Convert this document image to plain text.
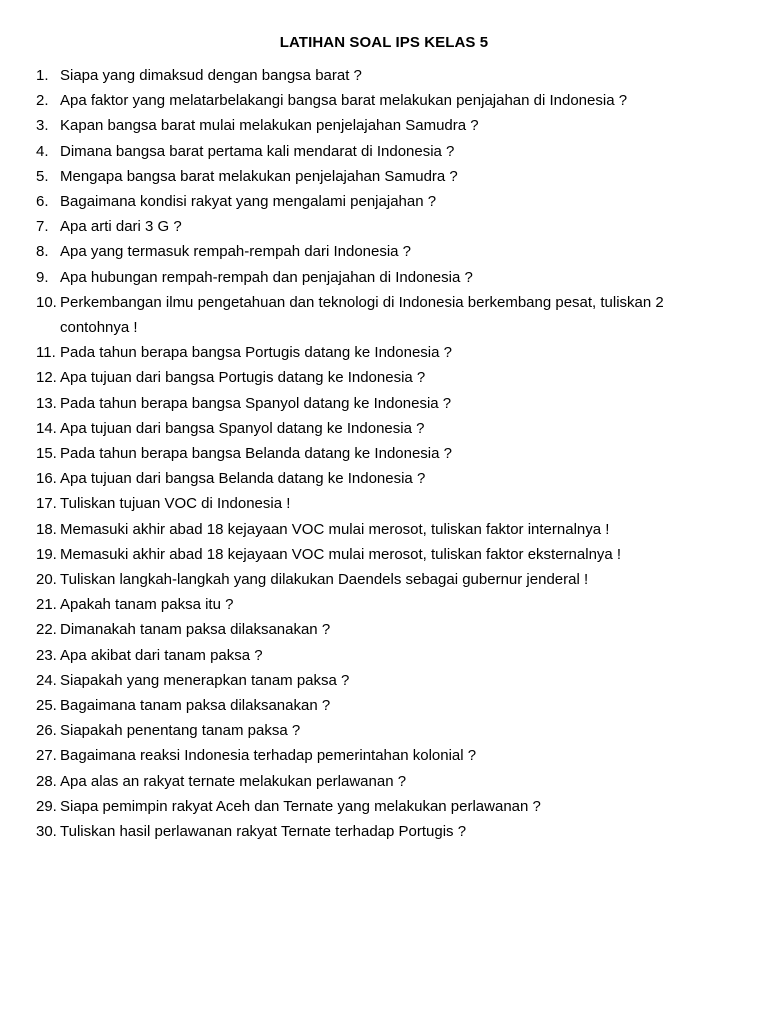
LATIHAN SOAL IPS KELAS 5
1. Siapa yang dimaksud dengan bangsa barat ?
2. Apa faktor yang melatarbelakangi bangsa barat melakukan penjajahan di Indonesia ?
3. Kapan bangsa barat mulai melakukan penjelajahan Samudra ?
4. Dimana bangsa barat pertama kali mendarat di Indonesia ?
5. Mengapa bangsa barat melakukan penjelajahan Samudra ?
6. Bagaimana kondisi rakyat yang mengalami penjajahan ?
7. Apa arti dari 3 G ?
8. Apa yang termasuk rempah-rempah dari Indonesia ?
9. Apa hubungan rempah-rempah dan penjajahan di Indonesia ?
10. Perkembangan ilmu pengetahuan dan teknologi di Indonesia berkembang pesat, tuliskan 2 contohnya !
11. Pada tahun berapa bangsa Portugis datang ke Indonesia ?
12. Apa tujuan dari bangsa Portugis datang ke Indonesia ?
13. Pada tahun berapa bangsa Spanyol datang ke Indonesia ?
14. Apa tujuan dari bangsa Spanyol datang ke Indonesia ?
15. Pada tahun berapa bangsa Belanda datang ke Indonesia ?
16. Apa tujuan dari bangsa Belanda datang ke Indonesia ?
17. Tuliskan tujuan VOC di Indonesia !
18. Memasuki akhir abad 18 kejayaan VOC mulai merosot, tuliskan faktor internalnya !
19. Memasuki akhir abad 18 kejayaan VOC mulai merosot, tuliskan faktor eksternalnya !
20. Tuliskan langkah-langkah yang dilakukan Daendels sebagai gubernur jenderal !
21. Apakah tanam paksa itu ?
22. Dimanakah tanam paksa dilaksanakan ?
23. Apa akibat dari tanam paksa ?
24. Siapakah yang menerapkan tanam paksa ?
25. Bagaimana tanam paksa dilaksanakan ?
26. Siapakah penentang tanam paksa ?
27. Bagaimana reaksi Indonesia terhadap pemerintahan kolonial ?
28. Apa alas an rakyat ternate melakukan perlawanan ?
29. Siapa pemimpin rakyat Aceh dan Ternate yang melakukan perlawanan ?
30. Tuliskan hasil perlawanan rakyat Ternate terhadap Portugis ?
